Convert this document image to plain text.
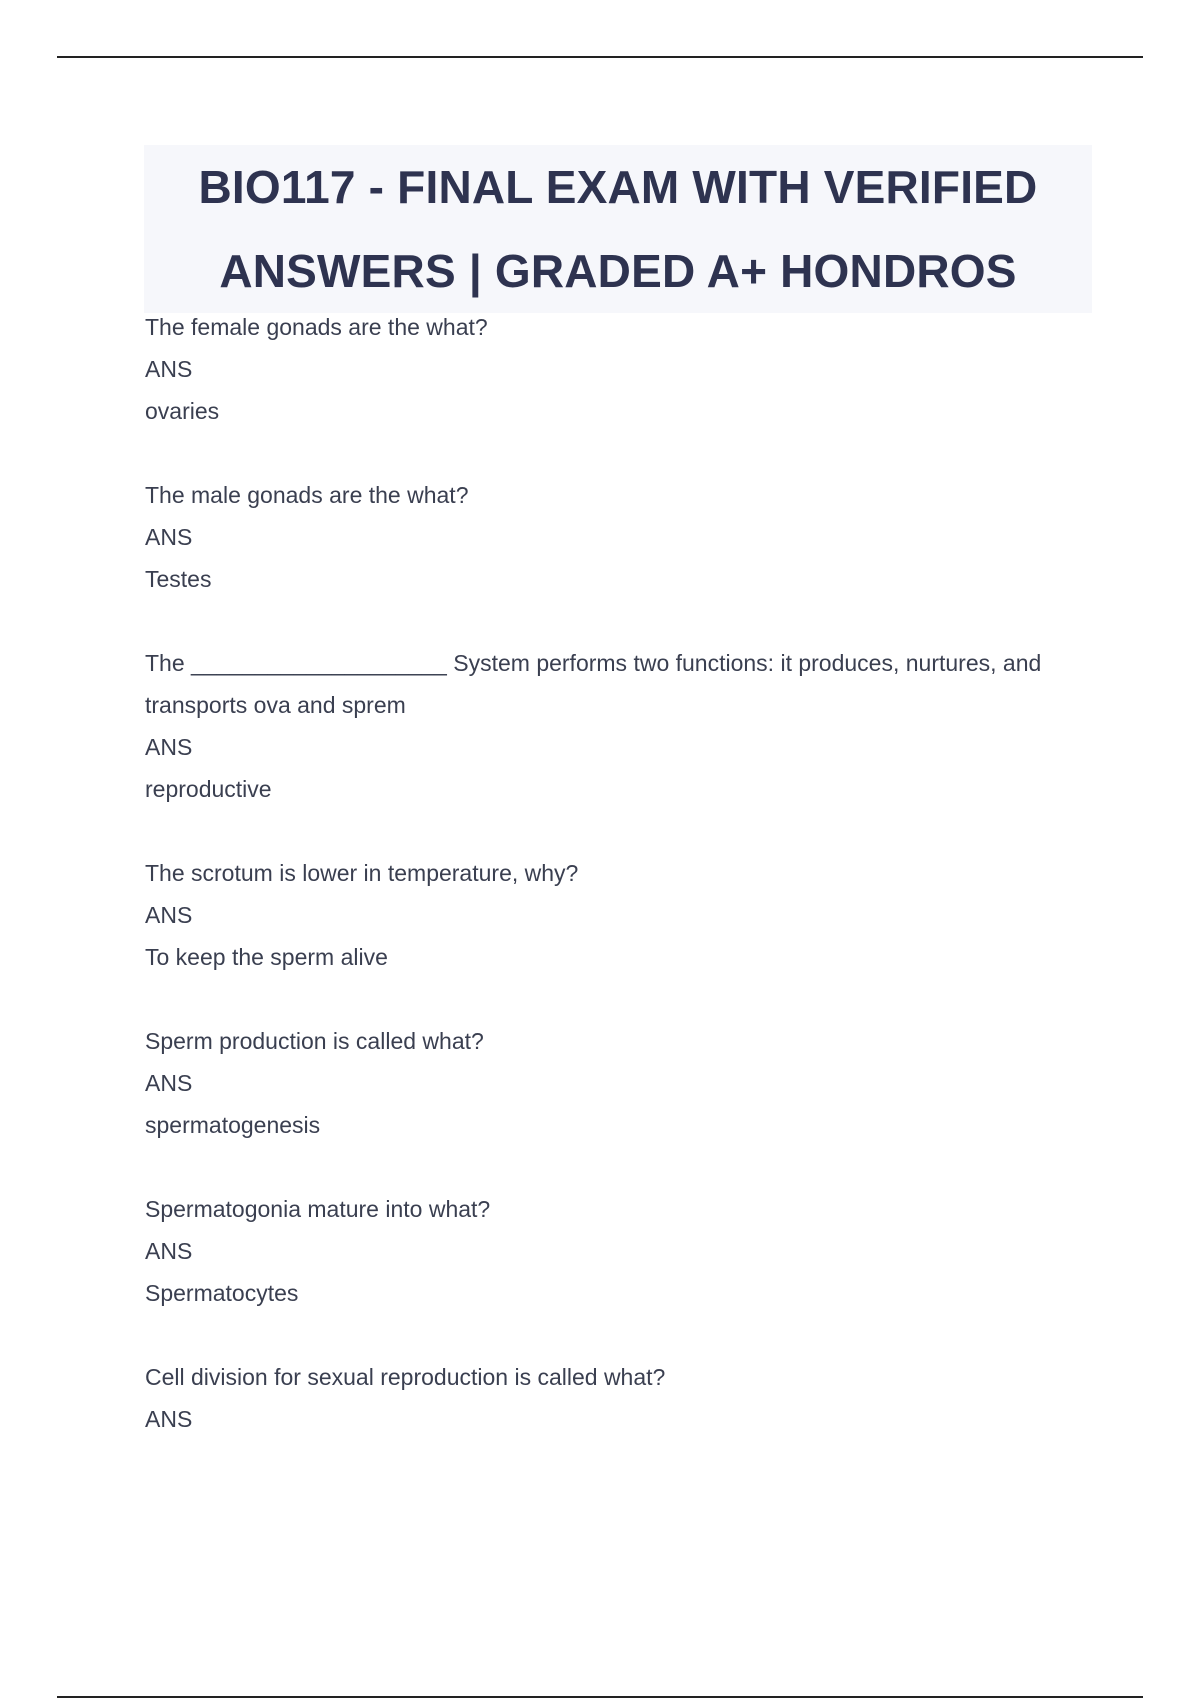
BIO117 - FINAL EXAM WITH VERIFIED
ANSWERS | GRADED A+ HONDROS
The female gonads are the what?
ANS
ovaries
The male gonads are the what?
ANS
Testes
The ____________________ System performs two functions: it produces, nurtures, and transports ova and sprem
ANS
reproductive
The scrotum is lower in temperature, why?
ANS
To keep the sperm alive
Sperm production is called what?
ANS
spermatogenesis
Spermatogonia mature into what?
ANS
Spermatocytes
Cell division for sexual reproduction is called what?
ANS
